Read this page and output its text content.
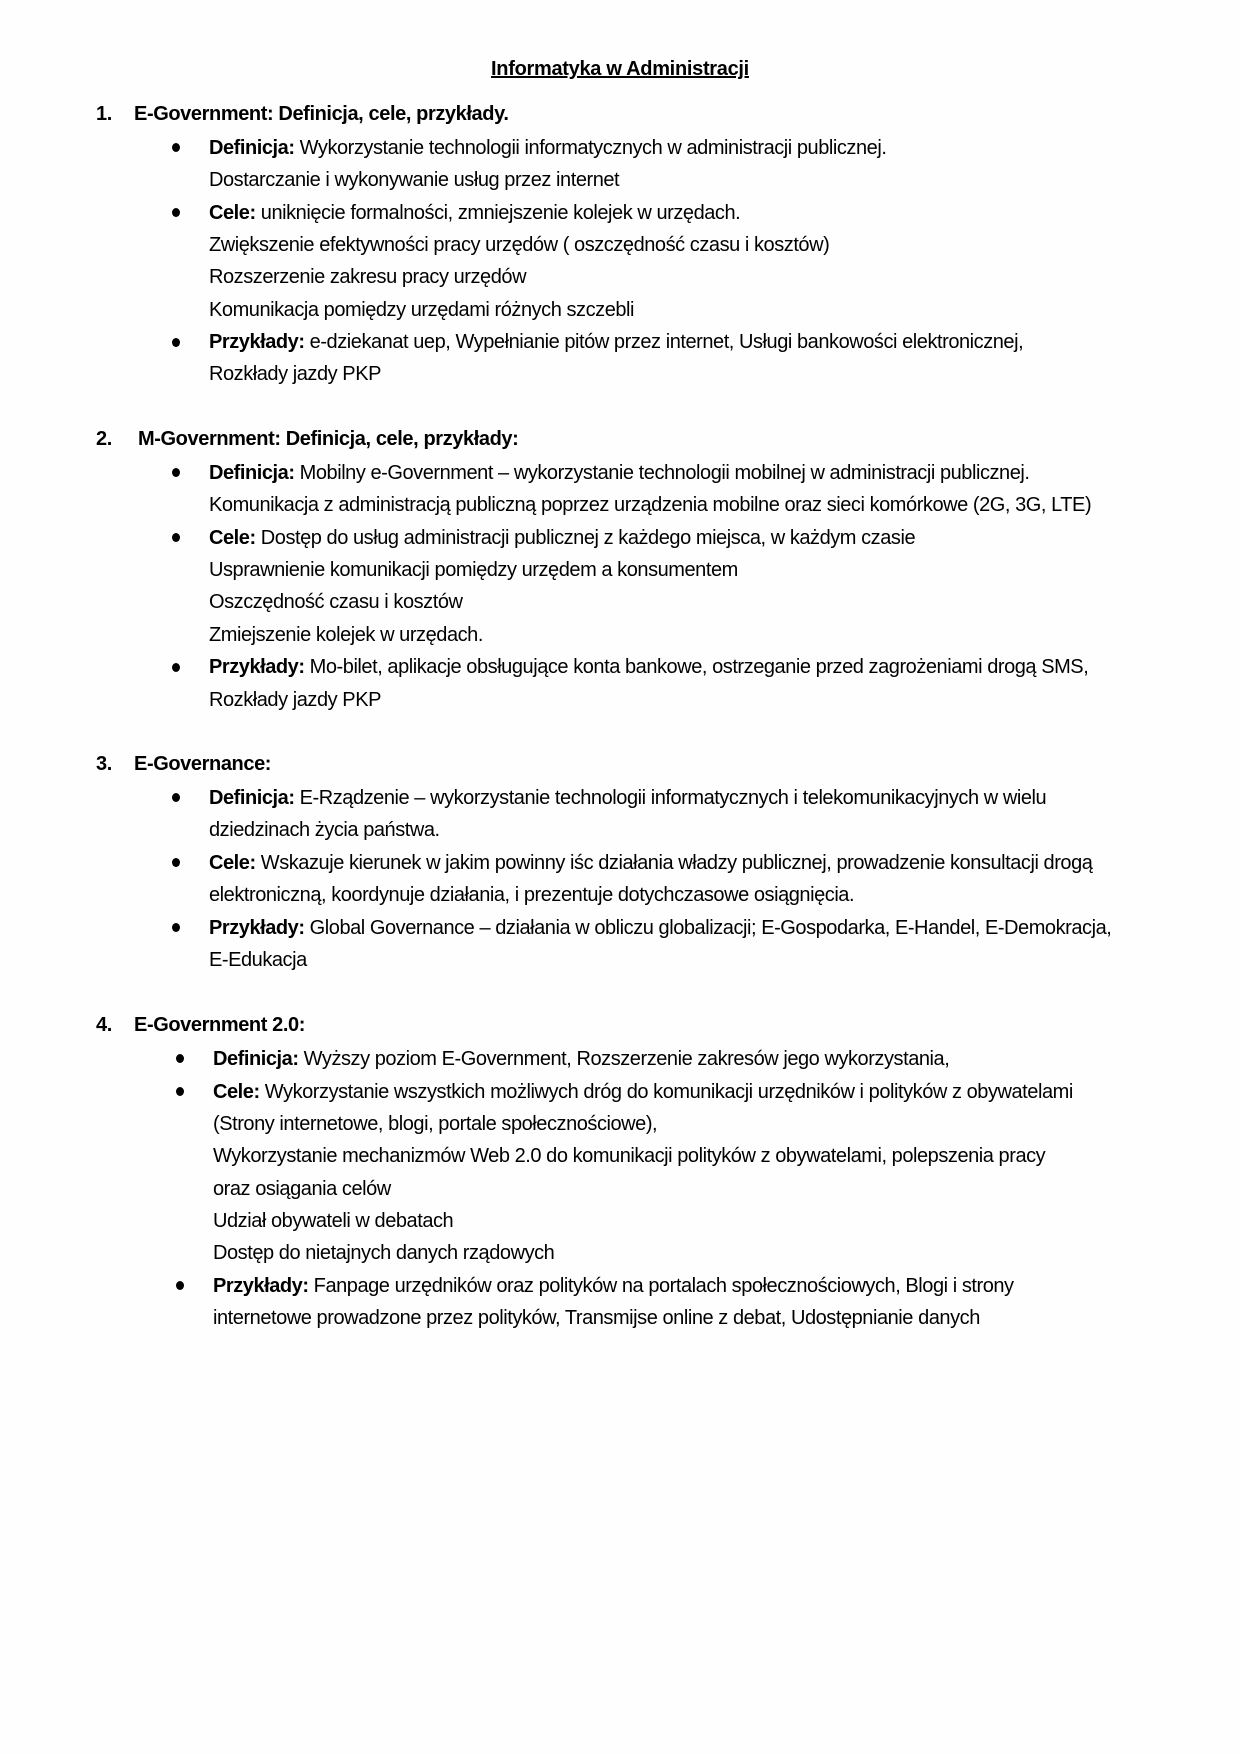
Informatyka w Administracji
1. E-Government: Definicja, cele, przykłady.
Definicja: Wykorzystanie technologii informatycznych w administracji publicznej.
Dostarczanie i wykonywanie usług przez internet
Cele: uniknięcie formalności, zmniejszenie kolejek w urzędach.
Zwiększenie efektywności pracy urzędów ( oszczędność czasu i kosztów)
Rozszerzenie zakresu pracy urzędów
Komunikacja pomiędzy urzędami różnych szczebli
Przykłady: e-dziekanat uep, Wypełnianie pitów przez internet, Usługi bankowości elektronicznej,
Rozkłady jazdy PKP
2. M-Government: Definicja, cele, przykłady:
Definicja: Mobilny e-Government – wykorzystanie technologii mobilnej w administracji publicznej.
Komunikacja z administracją publiczną poprzez urządzenia mobilne oraz sieci komórkowe (2G, 3G, LTE)
Cele: Dostęp do usług administracji publicznej z każdego miejsca, w każdym czasie
Usprawnienie komunikacji pomiędzy urzędem a konsumentem
Oszczędność czasu i kosztów
Zmiejszenie kolejek w urzędach.
Przykłady: Mo-bilet, aplikacje obsługujące konta bankowe, ostrzeganie przed zagrożeniami drogą SMS,
Rozkłady jazdy PKP
3. E-Governance:
Definicja: E-Rządzenie – wykorzystanie technologii informatycznych i telekomunikacyjnych w wielu
dziedzinach życia państwa.
Cele: Wskazuje kierunek w jakim powinny iśc działania władzy publicznej, prowadzenie konsultacji drogą
elektroniczną, koordynuje działania, i prezentuje dotychczasowe osiągnięcia.
Przykłady: Global Governance – działania w obliczu globalizacji; E-Gospodarka, E-Handel, E-Demokracja,
E-Edukacja
4. E-Government 2.0:
Definicja: Wyższy poziom E-Government, Rozszerzenie zakresów jego wykorzystania,
Cele: Wykorzystanie wszystkich możliwych dróg do komunikacji urzędników i polityków z obywatelami
(Strony internetowe, blogi, portale społecznościowe),
Wykorzystanie mechanizmów Web 2.0 do komunikacji polityków z obywatelami, polepszenia pracy
oraz osiągania celów
Udział obywateli w debatach
Dostęp do nietajnych danych rządowych
Przykłady: Fanpage urzędników oraz polityków na portalach społecznościowych, Blogi i strony
internetowe prowadzone przez polityków, Transmijse online z debat, Udostępnianie danych
